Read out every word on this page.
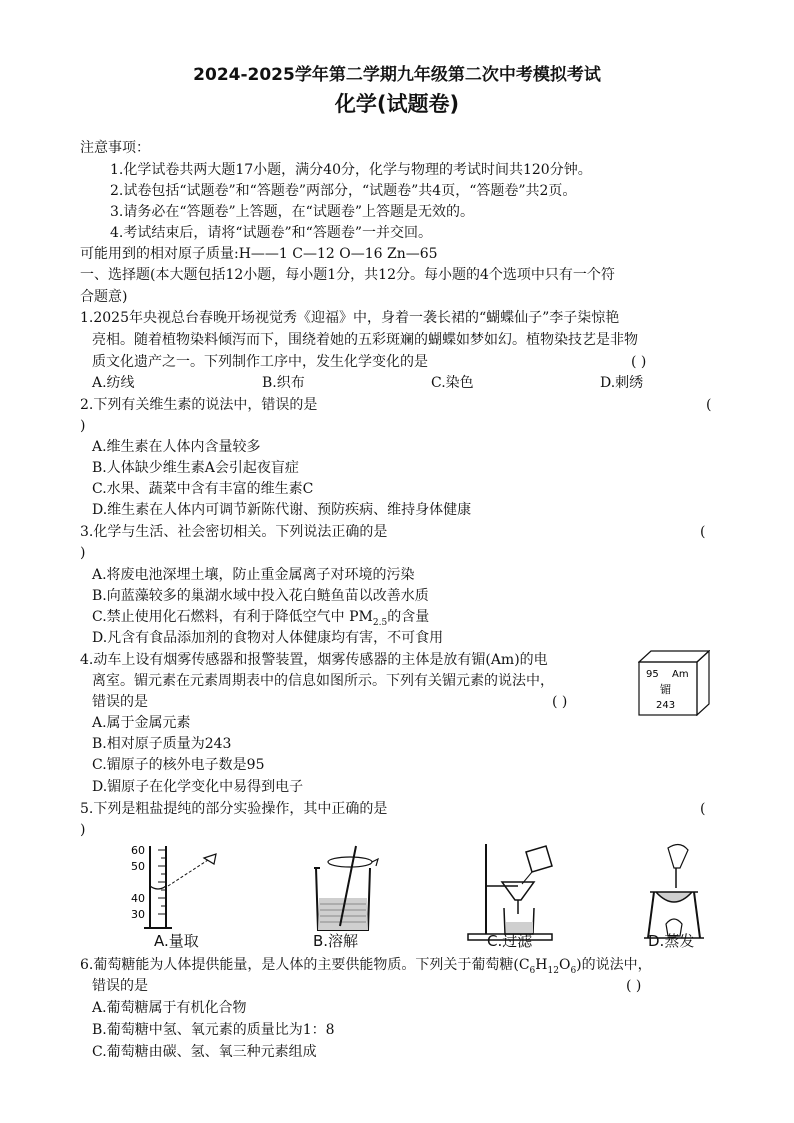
2024-2025学年第二学期九年级第二次中考模拟考试
化学(试题卷)
注意事项：
1.化学试卷共两大题17小题，满分40分，化学与物理的考试时间共120分钟。
2.试卷包括“试题卷”和“答题卷”两部分，“试题卷”共4页，“答题卷”共2页。
3.请务必在“答题卷”上答题，在“试题卷”上答题是无效的。
4.考试结束后，请将“试题卷”和“答题卷”一并交回。
可能用到的相对原子质量:H——1 C—12 O—16 Zn—65
一、选择题(本大题包括12小题，每小题1分，共12分。每小题的4个选项中只有一个符
合题意)
1.2025年央视总台春晚开场视觉秀《迎福》中，身着一袭长裙的“蝴蝶仙子”李子柒惊艳
亮相。随着植物染料倾泻而下，围绕着她的五彩斑斓的蝴蝶如梦如幻。植物染技艺是非物
质文化遗产之一。下列制作工序中，发生化学变化的是	( )
A.纺线	B.织布	C.染色	D.刺绣
2.下列有关维生素的说法中，错误的是	(
)
A.维生素在人体内含量较多
B.人体缺少维生素A会引起夜盲症
C.水果、蔬菜中含有丰富的维生素C
D.维生素在人体内可调节新陈代谢、预防疾病、维持身体健康
3.化学与生活、社会密切相关。下列说法正确的是	(
)
A.将废电池深埋土壤，防止重金属离子对环境的污染
B.向蓝藻较多的巢湖水域中投入花白鲢鱼苗以改善水质
C.禁止使用化石燃料，有利于降低空气中 $PM_{2.5}$的含量
D.凡含有食品添加剂的食物对人体健康均有害，不可食用
4.动车上设有烟雾传感器和报警装置，烟雾传感器的主体是放有镅(Am)的电
离室。镅元素在元素周期表中的信息如图所示。下列有关镅元素的说法中，
错误的是	( )
A.属于金属元素
B.相对原子质量为243
C.镅原子的核外电子数是95
D.镅原子在化学变化中易得到电子
95 Am
镅
243
5.下列是粗盐提纯的部分实验操作，其中正确的是	(
)
60
50
40
30
A.量取	B.溶解	C.过滤	D.蒸发
6.葡萄糖能为人体提供能量，是人体的主要供能物质。下列关于葡萄糖$(C_6H_{12}O_6)$的说法中，
错误的是	( )
A.葡萄糖属于有机化合物
B.葡萄糖中氢、氧元素的质量比为1：8
C.葡萄糖由碳、氢、氧三种元素组成
